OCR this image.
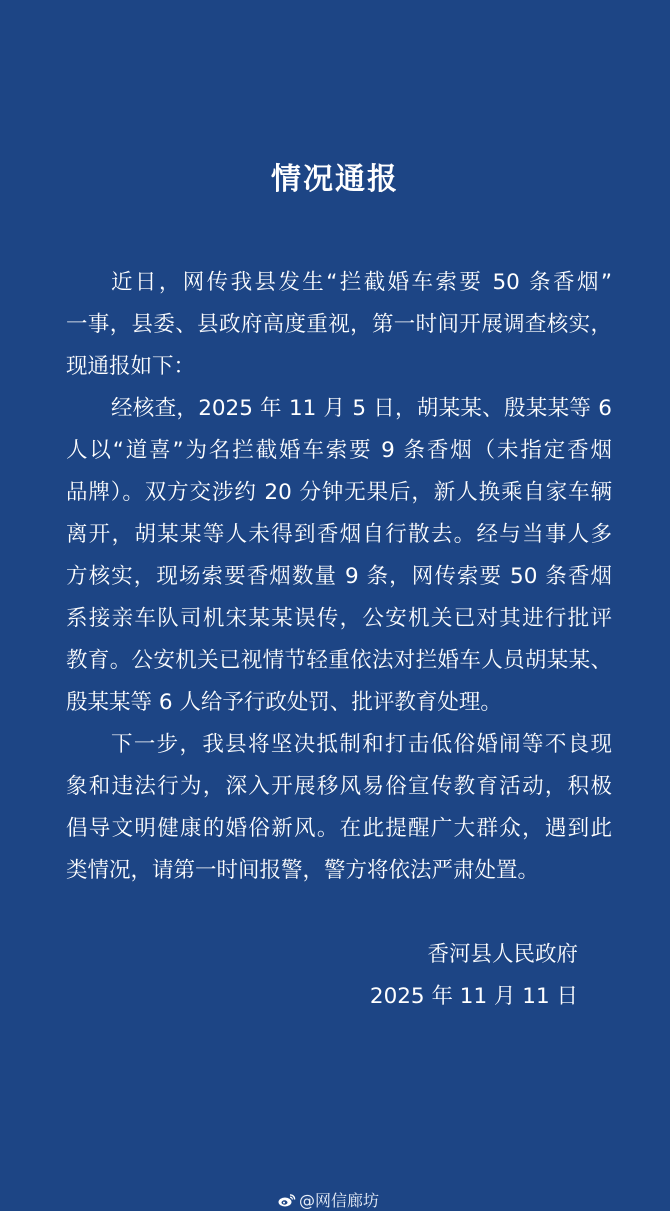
情况通报
近日，网传我县发生“拦截婚车索要 50 条香烟”
一事，县委、县政府高度重视，第一时间开展调查核实，
现通报如下：
经核查，2025 年 11 月 5 日，胡某某、殷某某等 6
人以“道喜”为名拦截婚车索要 9 条香烟（未指定香烟
品牌）。双方交涉约 20 分钟无果后，新人换乘自家车辆
离开，胡某某等人未得到香烟自行散去。经与当事人多
方核实，现场索要香烟数量 9 条，网传索要 50 条香烟
系接亲车队司机宋某某误传，公安机关已对其进行批评
教育。公安机关已视情节轻重依法对拦婚车人员胡某某、
殷某某等 6 人给予行政处罚、批评教育处理。
下一步，我县将坚决抵制和打击低俗婚闹等不良现
象和违法行为，深入开展移风易俗宣传教育活动，积极
倡导文明健康的婚俗新风。在此提醒广大群众，遇到此
类情况，请第一时间报警，警方将依法严肃处置。
香河县人民政府
2025 年 11 月 11 日
@网信廊坊
